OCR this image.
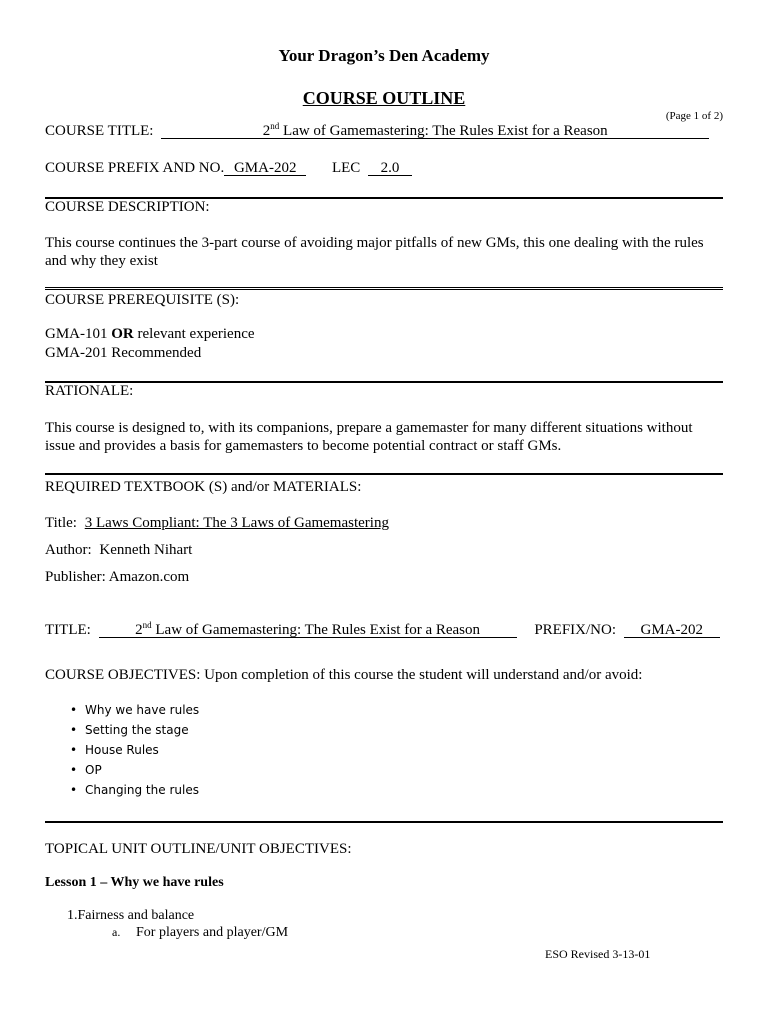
Your Dragon’s Den Academy
COURSE OUTLINE
(Page 1 of 2)
COURSE TITLE:	2nd Law of Gamemastering: The Rules Exist for a Reason
COURSE PREFIX AND NO. GMA-202 LEC 2.0
COURSE DESCRIPTION:
This course continues the 3-part course of avoiding major pitfalls of new GMs, this one dealing with the rules and why they exist
COURSE PREREQUISITE (S):
GMA-101 OR relevant experience
GMA-201 Recommended
RATIONALE:
This course is designed to, with its companions, prepare a gamemaster for many different situations without issue and provides a basis for gamemasters to become potential contract or staff GMs.
REQUIRED TEXTBOOK (S) and/or MATERIALS:
Title: 3 Laws Compliant: The 3 Laws of Gamemastering
Author: Kenneth Nihart
Publisher: Amazon.com
TITLE:	2nd Law of Gamemastering: The Rules Exist for a Reason	PREFIX/NO: GMA-202
COURSE OBJECTIVES: Upon completion of this course the student will understand and/or avoid:
• Why we have rules
• Setting the stage
• House Rules
• OP
• Changing the rules
TOPICAL UNIT OUTLINE/UNIT OBJECTIVES:
Lesson 1 – Why we have rules
1.Fairness and balance
a. For players and player/GM
ESO Revised 3-13-01
